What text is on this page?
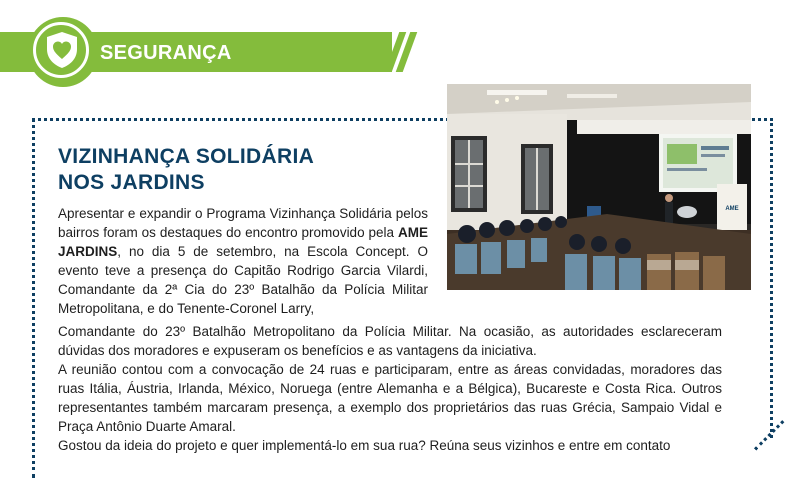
SEGURANÇA
VIZINHANÇA SOLIDÁRIA
NOS JARDINS
AME

Apresentar e expandir o Programa Vizinhança Solidária pelos bairros foram os destaques do encontro promovido pela AME JARDINS, no dia 5 de setembro, na Escola Concept. O evento teve a presença do Capitão Rodrigo Garcia Vilardi, Comandante da 2ª Cia do 23º Batalhão da Polícia Militar Metropolitana, e do Tenente-Coronel Larry,

Comandante do 23º Batalhão Metropolitano da Polícia Militar. Na ocasião, as autoridades esclareceram dúvidas dos moradores e expuseram os benefícios e as vantagens da iniciativa.

A reunião contou com a convocação de 24 ruas e participaram, entre as áreas convidadas, moradores das ruas Itália, Áustria, Irlanda, México, Noruega (entre Alemanha e a Bélgica), Bucareste e Costa Rica. Outros representantes também marcaram presença, a exemplo dos proprietários das ruas Grécia, Sampaio Vidal e Praça Antônio Duarte Amaral.

Gostou da ideia do projeto e quer implementá-lo em sua rua? Reúna seus vizinhos e entre em contato
